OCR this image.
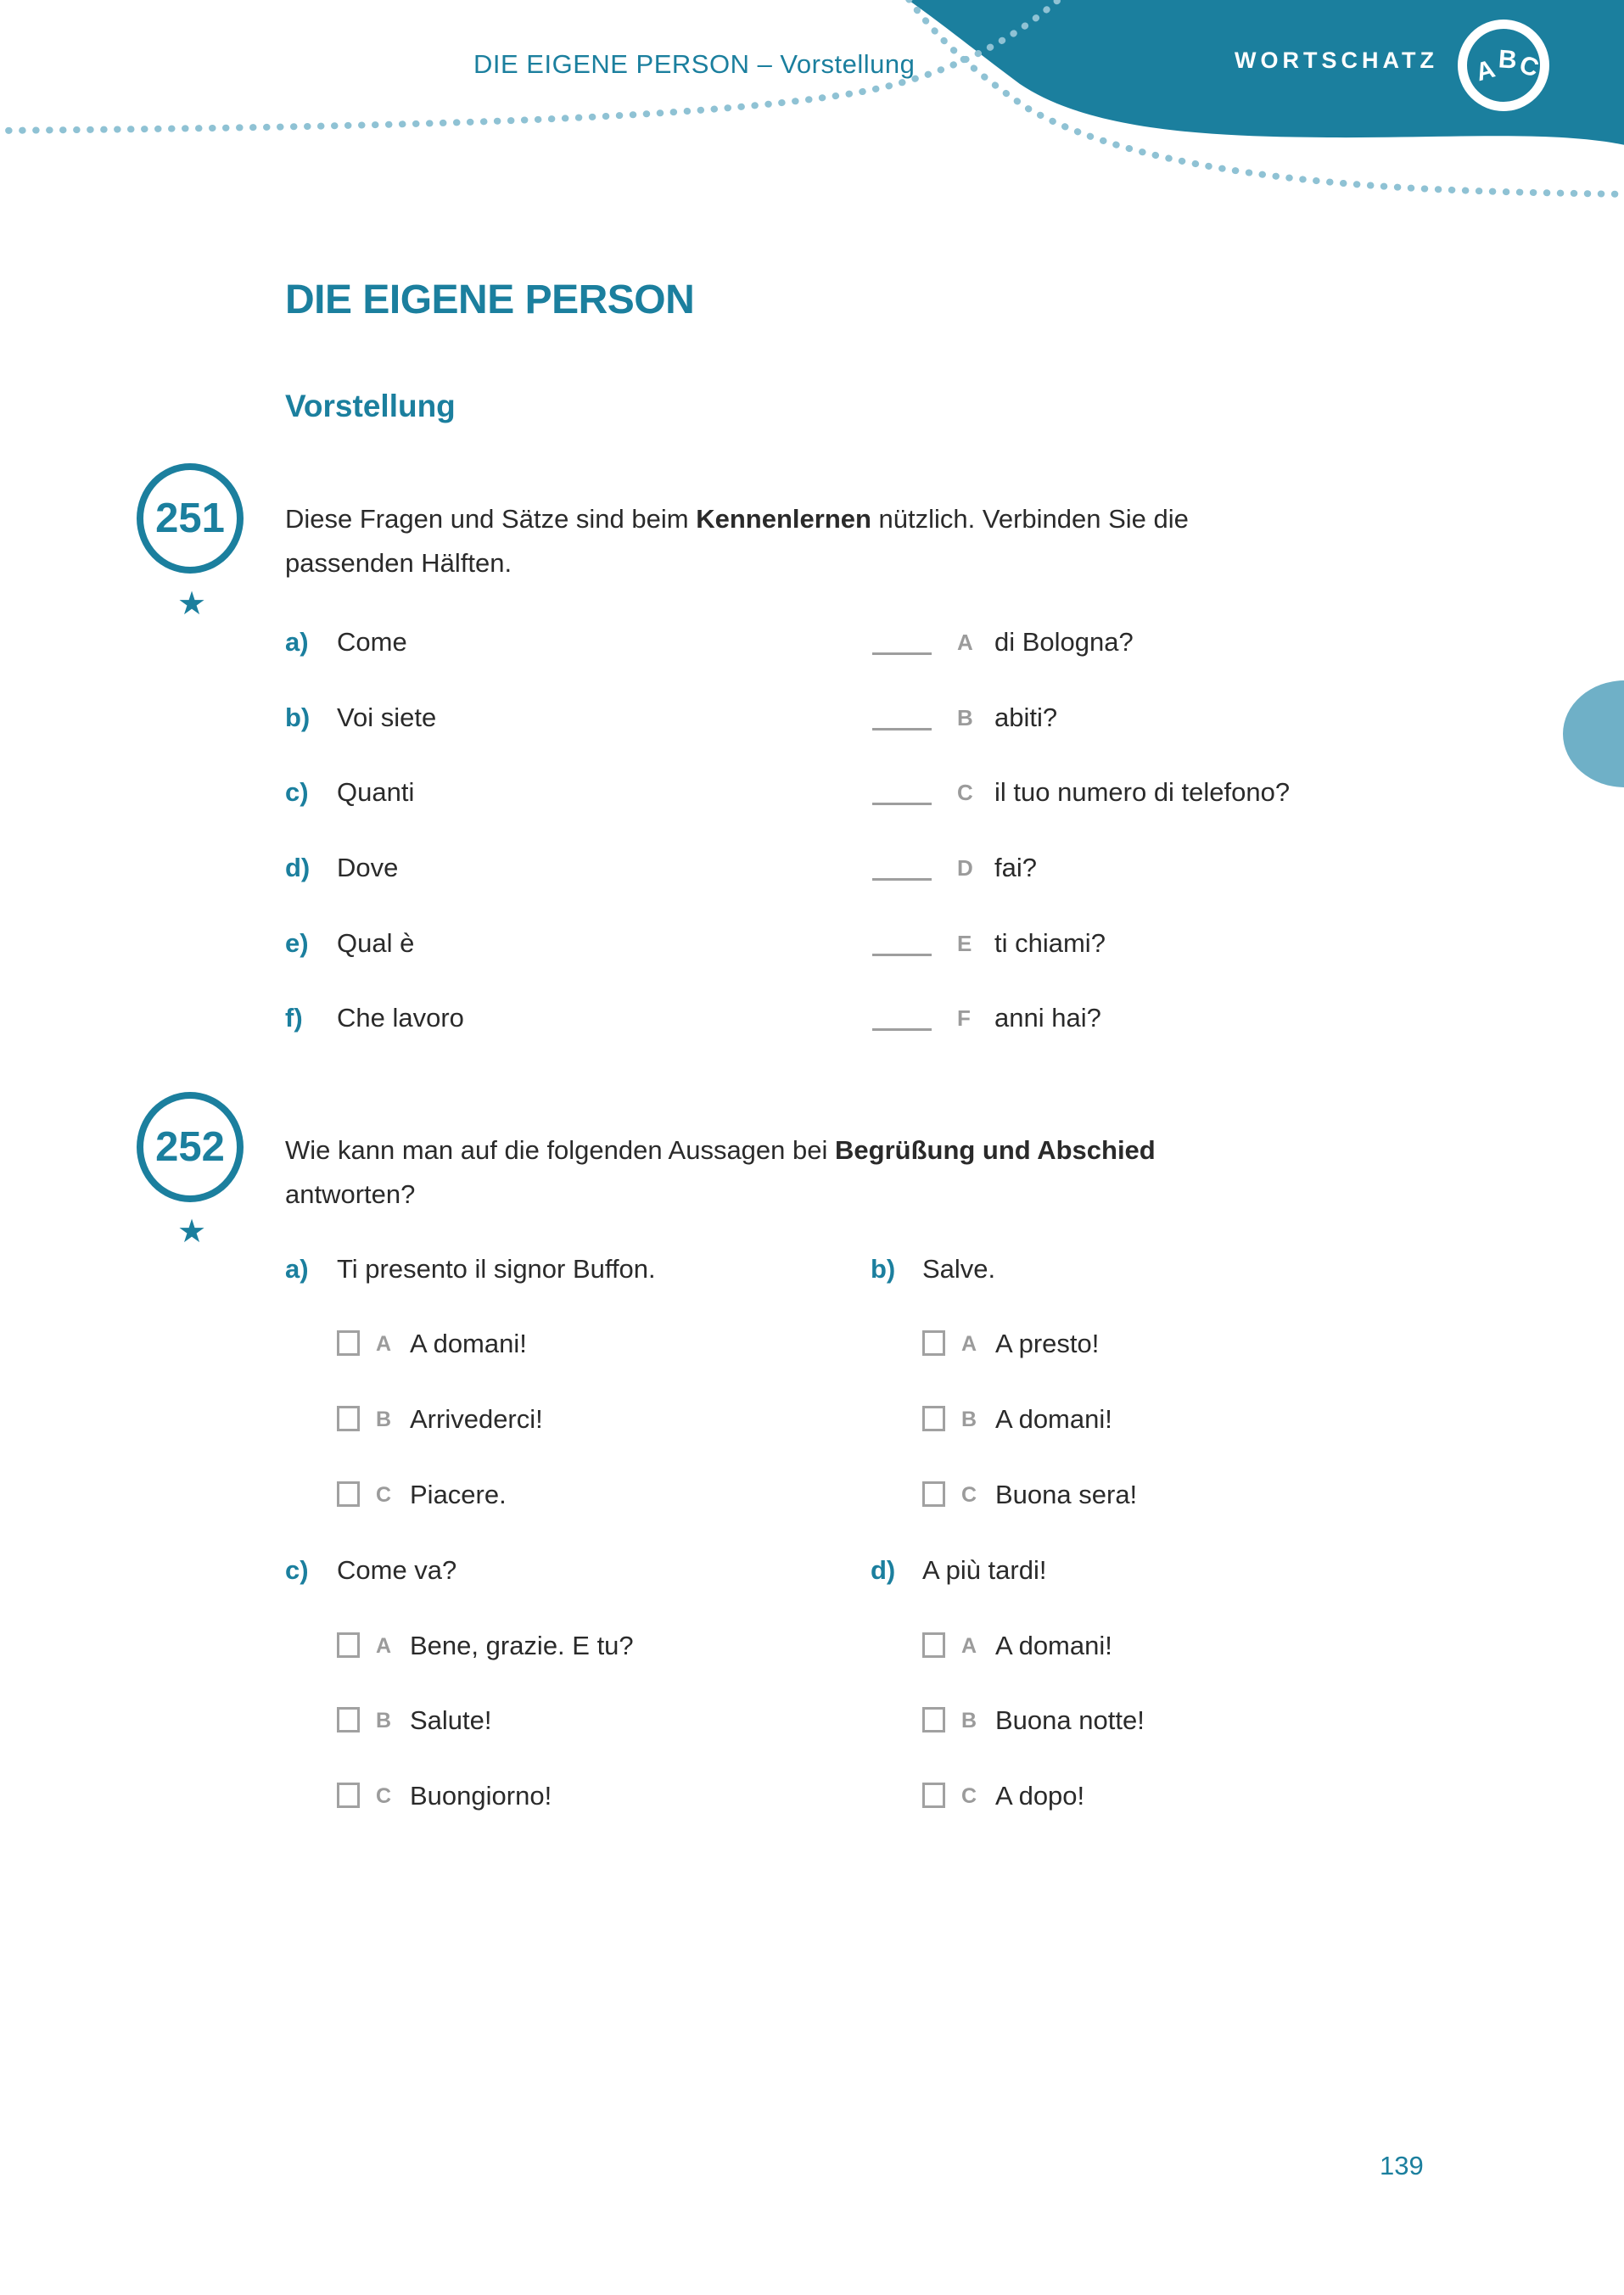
DIE EIGENE PERSON – Vorstellung	WORTSCHATZ A B
C
DIE EIGENE PERSON
Vorstellung
251
★
Diese Fragen und Sätze sind beim Kennenlernen nützlich. Verbinden Sie die
passenden Hälften.
a) Come	A di Bologna?
b) Voi siete	B abiti?
c) Quanti	C il tuo numero di telefono?
d) Dove	D fai?
e) Qual è	E ti chiami?
f) Che lavoro	F anni hai?
252
★
Wie kann man auf die folgenden Aussagen bei Begrüßung und Abschied
antworten?
a) Ti presento il signor Buffon.
A A domani!
B Arrivederci!
C Piacere.
b) Salve.
A A presto!
B A domani!
C Buona sera!
c) Come va?
A Bene, grazie. E tu?
B Salute!
C Buongiorno!
d) A più tardi!
A A domani!
B Buona notte!
C A dopo!
139
